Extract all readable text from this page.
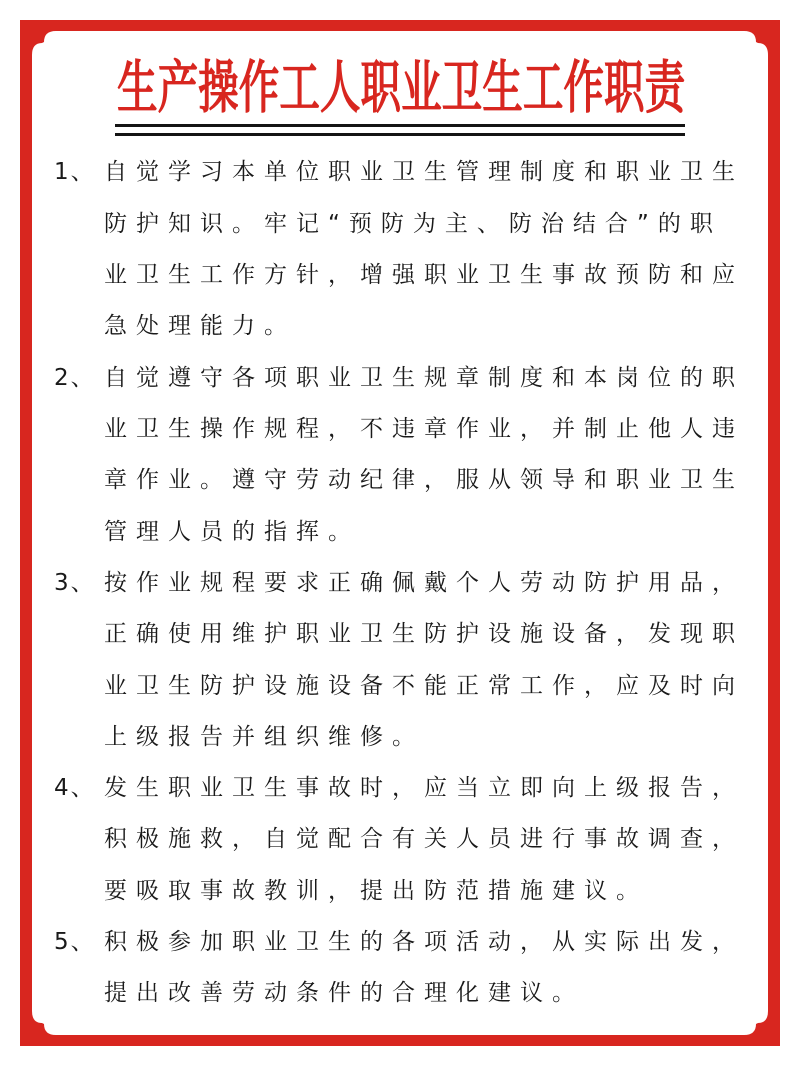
生产操作工人职业卫生工作职责
1、 自觉学习本单位职业卫生管理制度和职业卫生
防护知识。牢记“预防为主、防治结合”的职
业卫生工作方针，增强职业卫生事故预防和应
急处理能力。
2、 自觉遵守各项职业卫生规章制度和本岗位的职
业卫生操作规程，不违章作业，并制止他人违
章作业。遵守劳动纪律，服从领导和职业卫生
管理人员的指挥。
3、 按作业规程要求正确佩戴个人劳动防护用品，
正确使用维护职业卫生防护设施设备，发现职
业卫生防护设施设备不能正常工作，应及时向
上级报告并组织维修。
4、 发生职业卫生事故时，应当立即向上级报告，
积极施救，自觉配合有关人员进行事故调查，
要吸取事故教训，提出防范措施建议。
5、 积极参加职业卫生的各项活动，从实际出发，
提出改善劳动条件的合理化建议。
